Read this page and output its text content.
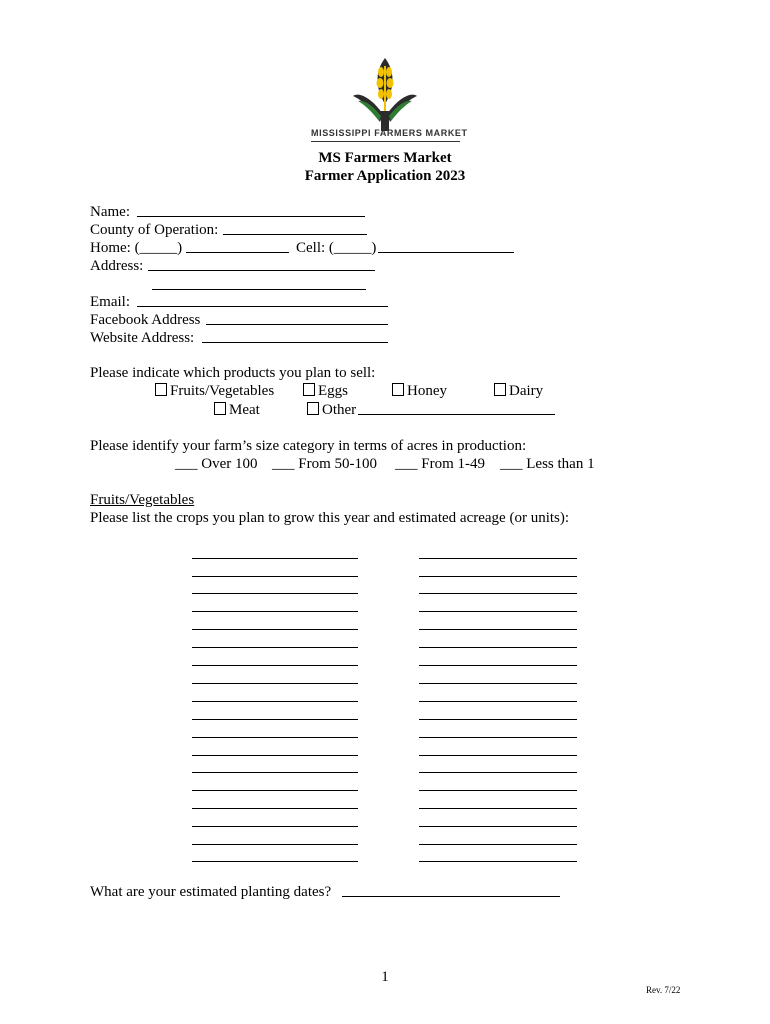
MISSISSIPPI FARMERS MARKET
MS Farmers Market
Farmer Application 2023
Name:
County of Operation:
Home: (_____)	Cell: (_____)
Address:
Email:
Facebook Address
Website Address:
Please indicate which products you plan to sell:
Fruits/Vegetables	Eggs	Honey	Dairy
Meat	Other
Please identify your farm’s size category in terms of acres in production:
___ Over 100 ___ From 50-100 ___ From 1-49 ___ Less than 1
Fruits/Vegetables
Please list the crops you plan to grow this year and estimated acreage (or units):
What are your estimated planting dates?
1
Rev. 7/22
